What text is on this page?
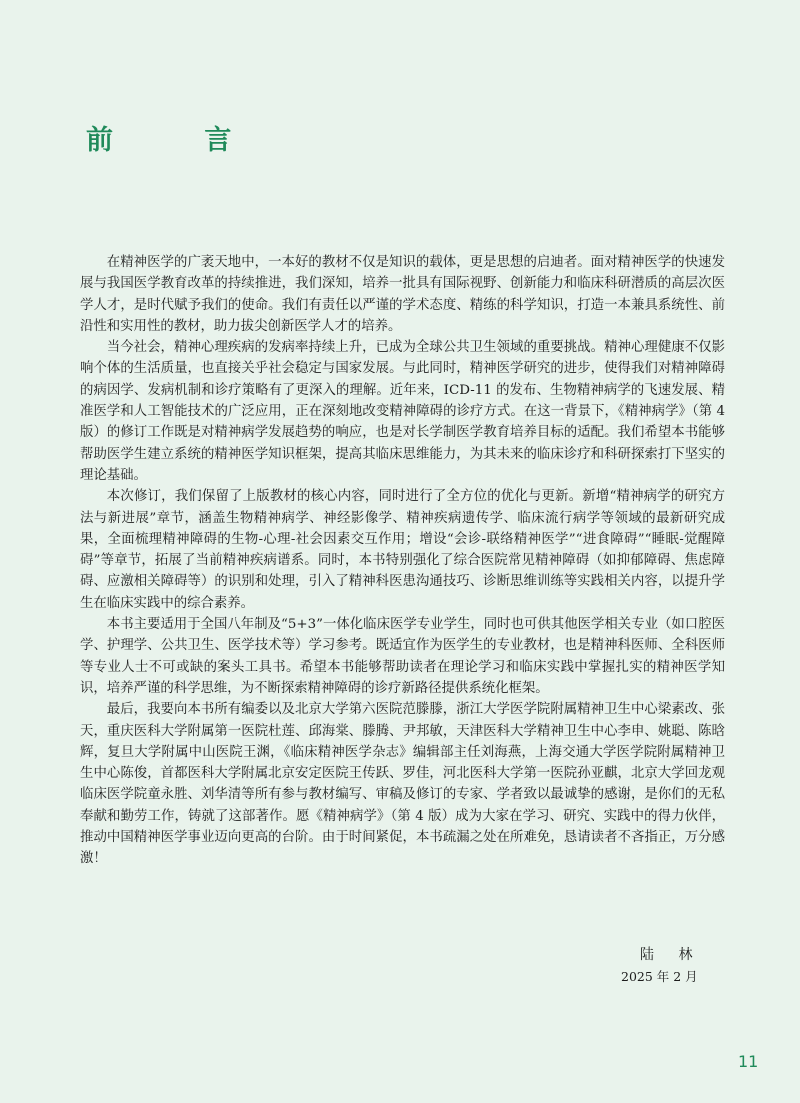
前 言

在精神医学的广袤天地中，一本好的教材不仅是知识的载体，更是思想的启迪者。面对精神医学的快速发展与我国医学教育改革的持续推进，我们深知，培养一批具有国际视野、创新能力和临床科研潜质的高层次医学人才，是时代赋予我们的使命。我们有责任以严谨的学术态度、精练的科学知识，打造一本兼具系统性、前沿性和实用性的教材，助力拔尖创新医学人才的培养。

当今社会，精神心理疾病的发病率持续上升，已成为全球公共卫生领域的重要挑战。精神心理健康不仅影响个体的生活质量，也直接关乎社会稳定与国家发展。与此同时，精神医学研究的进步，使得我们对精神障碍的病因学、发病机制和诊疗策略有了更深入的理解。近年来，ICD-11 的发布、生物精神病学的飞速发展、精准医学和人工智能技术的广泛应用，正在深刻地改变精神障碍的诊疗方式。在这一背景下，《精神病学》（第 4 版）的修订工作既是对精神病学发展趋势的响应，也是对长学制医学教育培养目标的适配。我们希望本书能够帮助医学生建立系统的精神医学知识框架，提高其临床思维能力，为其未来的临床诊疗和科研探索打下坚实的理论基础。

本次修订，我们保留了上版教材的核心内容，同时进行了全方位的优化与更新。新增“精神病学的研究方法与新进展”章节，涵盖生物精神病学、神经影像学、精神疾病遗传学、临床流行病学等领域的最新研究成果，全面梳理精神障碍的生物-心理-社会因素交互作用；增设“会诊-联络精神医学”“进食障碍”“睡眠-觉醒障碍”等章节，拓展了当前精神疾病谱系。同时，本书特别强化了综合医院常见精神障碍（如抑郁障碍、焦虑障碍、应激相关障碍等）的识别和处理，引入了精神科医患沟通技巧、诊断思维训练等实践相关内容，以提升学生在临床实践中的综合素养。

本书主要适用于全国八年制及“5+3”一体化临床医学专业学生，同时也可供其他医学相关专业（如口腔医学、护理学、公共卫生、医学技术等）学习参考。既适宜作为医学生的专业教材，也是精神科医师、全科医师等专业人士不可或缺的案头工具书。希望本书能够帮助读者在理论学习和临床实践中掌握扎实的精神医学知识，培养严谨的科学思维，为不断探索精神障碍的诊疗新路径提供系统化框架。

最后，我要向本书所有编委以及北京大学第六医院范滕滕，浙江大学医学院附属精神卫生中心梁素改、张天，重庆医科大学附属第一医院杜莲、邱海棠、滕腾、尹邦敏，天津医科大学精神卫生中心李申、姚聪、陈晗辉，复旦大学附属中山医院王渊，《临床精神医学杂志》编辑部主任刘海燕，上海交通大学医学院附属精神卫生中心陈俊，首都医科大学附属北京安定医院王传跃、罗佳，河北医科大学第一医院孙亚麒，北京大学回龙观临床医学院童永胜、刘华清等所有参与教材编写、审稿及修订的专家、学者致以最诚挚的感谢，是你们的无私奉献和勤劳工作，铸就了这部著作。愿《精神病学》（第 4 版）成为大家在学习、研究、实践中的得力伙伴，推动中国精神医学事业迈向更高的台阶。由于时间紧促，本书疏漏之处在所难免，恳请读者不吝指正，万分感激！

陆 林
2025 年 2 月
11
